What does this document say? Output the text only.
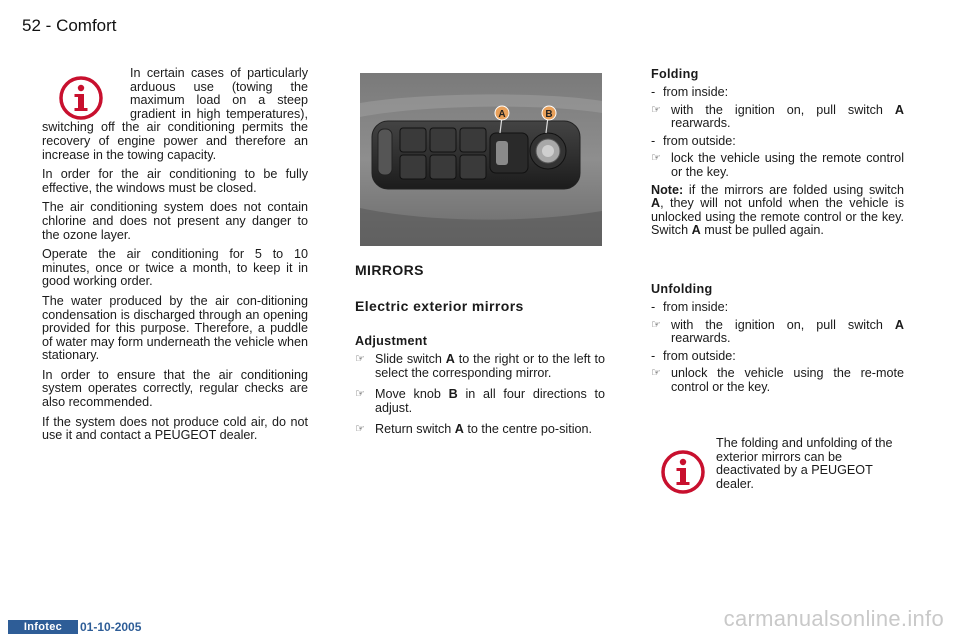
52 - Comfort

In certain cases of particularly arduous use (towing the maximum load on a steep gradient in high temperatures), switching off the air conditioning permits the recovery of engine power and therefore an increase in the towing capacity.

In order for the air conditioning to be fully effective, the windows must be closed.

The air conditioning system does not contain chlorine and does not present any danger to the ozone layer.

Operate the air conditioning for 5 to 10 minutes, once or twice a month, to keep it in good working order.

The water produced by the air con-ditioning condensation is discharged through an opening provided for this purpose. Therefore, a puddle of water may form underneath the vehicle when stationary.

In order to ensure that the air conditioning system operates correctly, regular checks are also recommended.

If the system does not produce cold air, do not use it and contact a PEUGEOT dealer.

A	B
MIRRORS
Electric exterior mirrors
Adjustment
☞ Slide switch A to the right or to the left to select the corresponding mirror.
☞ Move knob B in all four directions to adjust.
☞ Return switch A to the centre po-sition.
Folding
- from inside:
☞ with the ignition on, pull switch A rearwards.
- from outside:
☞ lock the vehicle using the remote control or the key.

Note: if the mirrors are folded using switch A, they will not unfold when the vehicle is unlocked using the remote control or the key. Switch A must be pulled again.

Unfolding
- from inside:
☞ with the ignition on, pull switch A rearwards.
- from outside:
☞ unlock the vehicle using the re-mote control or the key.
The folding and unfolding of the exterior mirrors can be deactivated by a PEUGEOT dealer.
Infotec	01-10-2005	carmanualsonline.info
